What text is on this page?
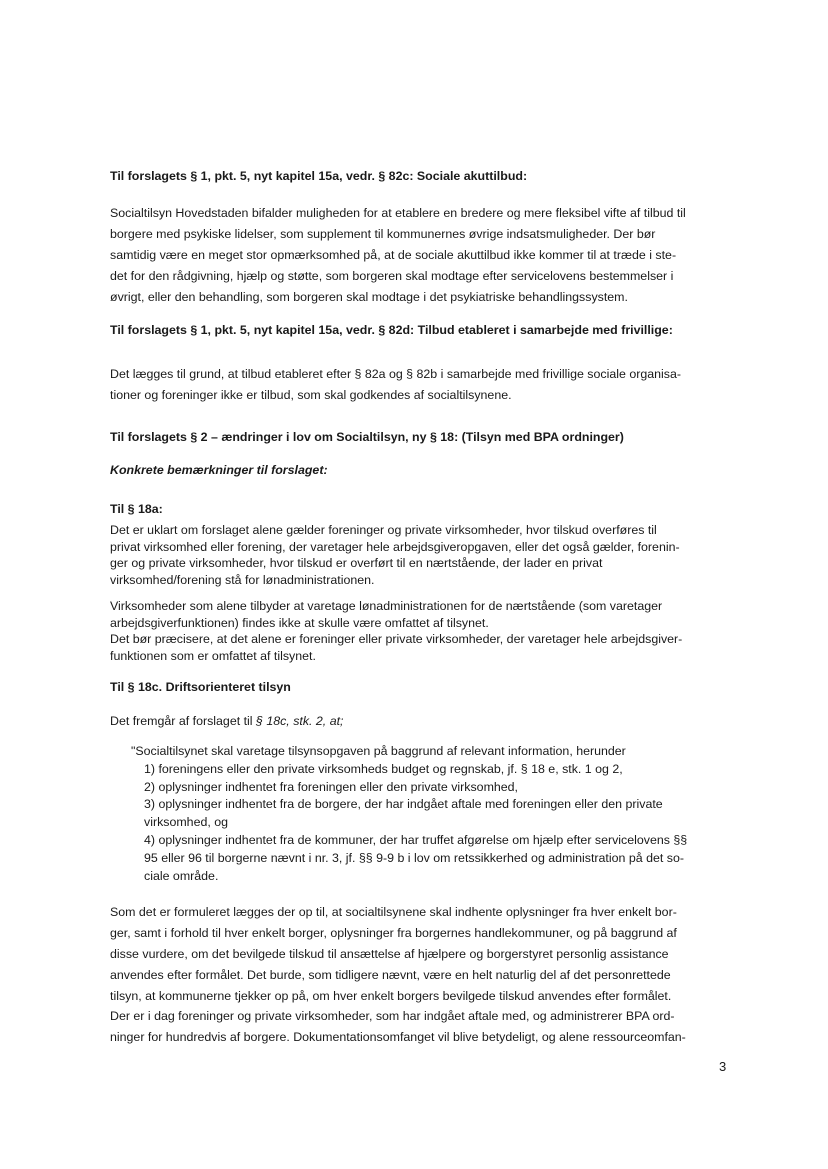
Til forslagets § 1, pkt. 5, nyt kapitel 15a, vedr. § 82c: Sociale akuttilbud:
Socialtilsyn Hovedstaden bifalder muligheden for at etablere en bredere og mere fleksibel vifte af tilbud til
borgere med psykiske lidelser, som supplement til kommunernes øvrige indsatsmuligheder. Der bør
samtidig være en meget stor opmærksomhed på, at de sociale akuttilbud ikke kommer til at træde i ste-
det for den rådgivning, hjælp og støtte, som borgeren skal modtage efter servicelovens bestemmelser i
øvrigt, eller den behandling, som borgeren skal modtage i det psykiatriske behandlingssystem.
Til forslagets § 1, pkt. 5, nyt kapitel 15a, vedr. § 82d: Tilbud etableret i samarbejde med frivillige:
Det lægges til grund, at tilbud etableret efter § 82a og § 82b i samarbejde med frivillige sociale organisa-
tioner og foreninger ikke er tilbud, som skal godkendes af socialtilsynene.
Til forslagets § 2 – ændringer i lov om Socialtilsyn, ny § 18: (Tilsyn med BPA ordninger)
Konkrete bemærkninger til forslaget:
Til § 18a:
Det er uklart om forslaget alene gælder foreninger og private virksomheder, hvor tilskud overføres til
privat virksomhed eller forening, der varetager hele arbejdsgiveropgaven, eller det også gælder, forenin-
ger og private virksomheder, hvor tilskud er overført til en nærtstående, der lader en privat
virksomhed/forening stå for lønadministrationen.
Virksomheder som alene tilbyder at varetage lønadministrationen for de nærtstående (som varetager
arbejdsgiverfunktionen) findes ikke at skulle være omfattet af tilsynet.
Det bør præcisere, at det alene er foreninger eller private virksomheder, der varetager hele arbejdsgiver-
funktionen som er omfattet af tilsynet.
Til § 18c. Driftsorienteret tilsyn
Det fremgår af forslaget til § 18c, stk. 2, at;
"Socialtilsynet skal varetage tilsynsopgaven på baggrund af relevant information, herunder
1) foreningens eller den private virksomheds budget og regnskab, jf. § 18 e, stk. 1 og 2,
2) oplysninger indhentet fra foreningen eller den private virksomhed,
3) oplysninger indhentet fra de borgere, der har indgået aftale med foreningen eller den private
virksomhed, og
4) oplysninger indhentet fra de kommuner, der har truffet afgørelse om hjælp efter servicelovens §§
95 eller 96 til borgerne nævnt i nr. 3, jf. §§ 9-9 b i lov om retssikkerhed og administration på det so-
ciale område.
Som det er formuleret lægges der op til, at socialtilsynene skal indhente oplysninger fra hver enkelt bor-
ger, samt i forhold til hver enkelt borger, oplysninger fra borgernes handlekommuner, og på baggrund af
disse vurdere, om det bevilgede tilskud til ansættelse af hjælpere og borgerstyret personlig assistance
anvendes efter formålet. Det burde, som tidligere nævnt, være en helt naturlig del af det personrettede
tilsyn, at kommunerne tjekker op på, om hver enkelt borgers bevilgede tilskud anvendes efter formålet.
Der er i dag foreninger og private virksomheder, som har indgået aftale med, og administrerer BPA ord-
ninger for hundredvis af borgere. Dokumentationsomfanget vil blive betydeligt, og alene ressourceomfan-
3
